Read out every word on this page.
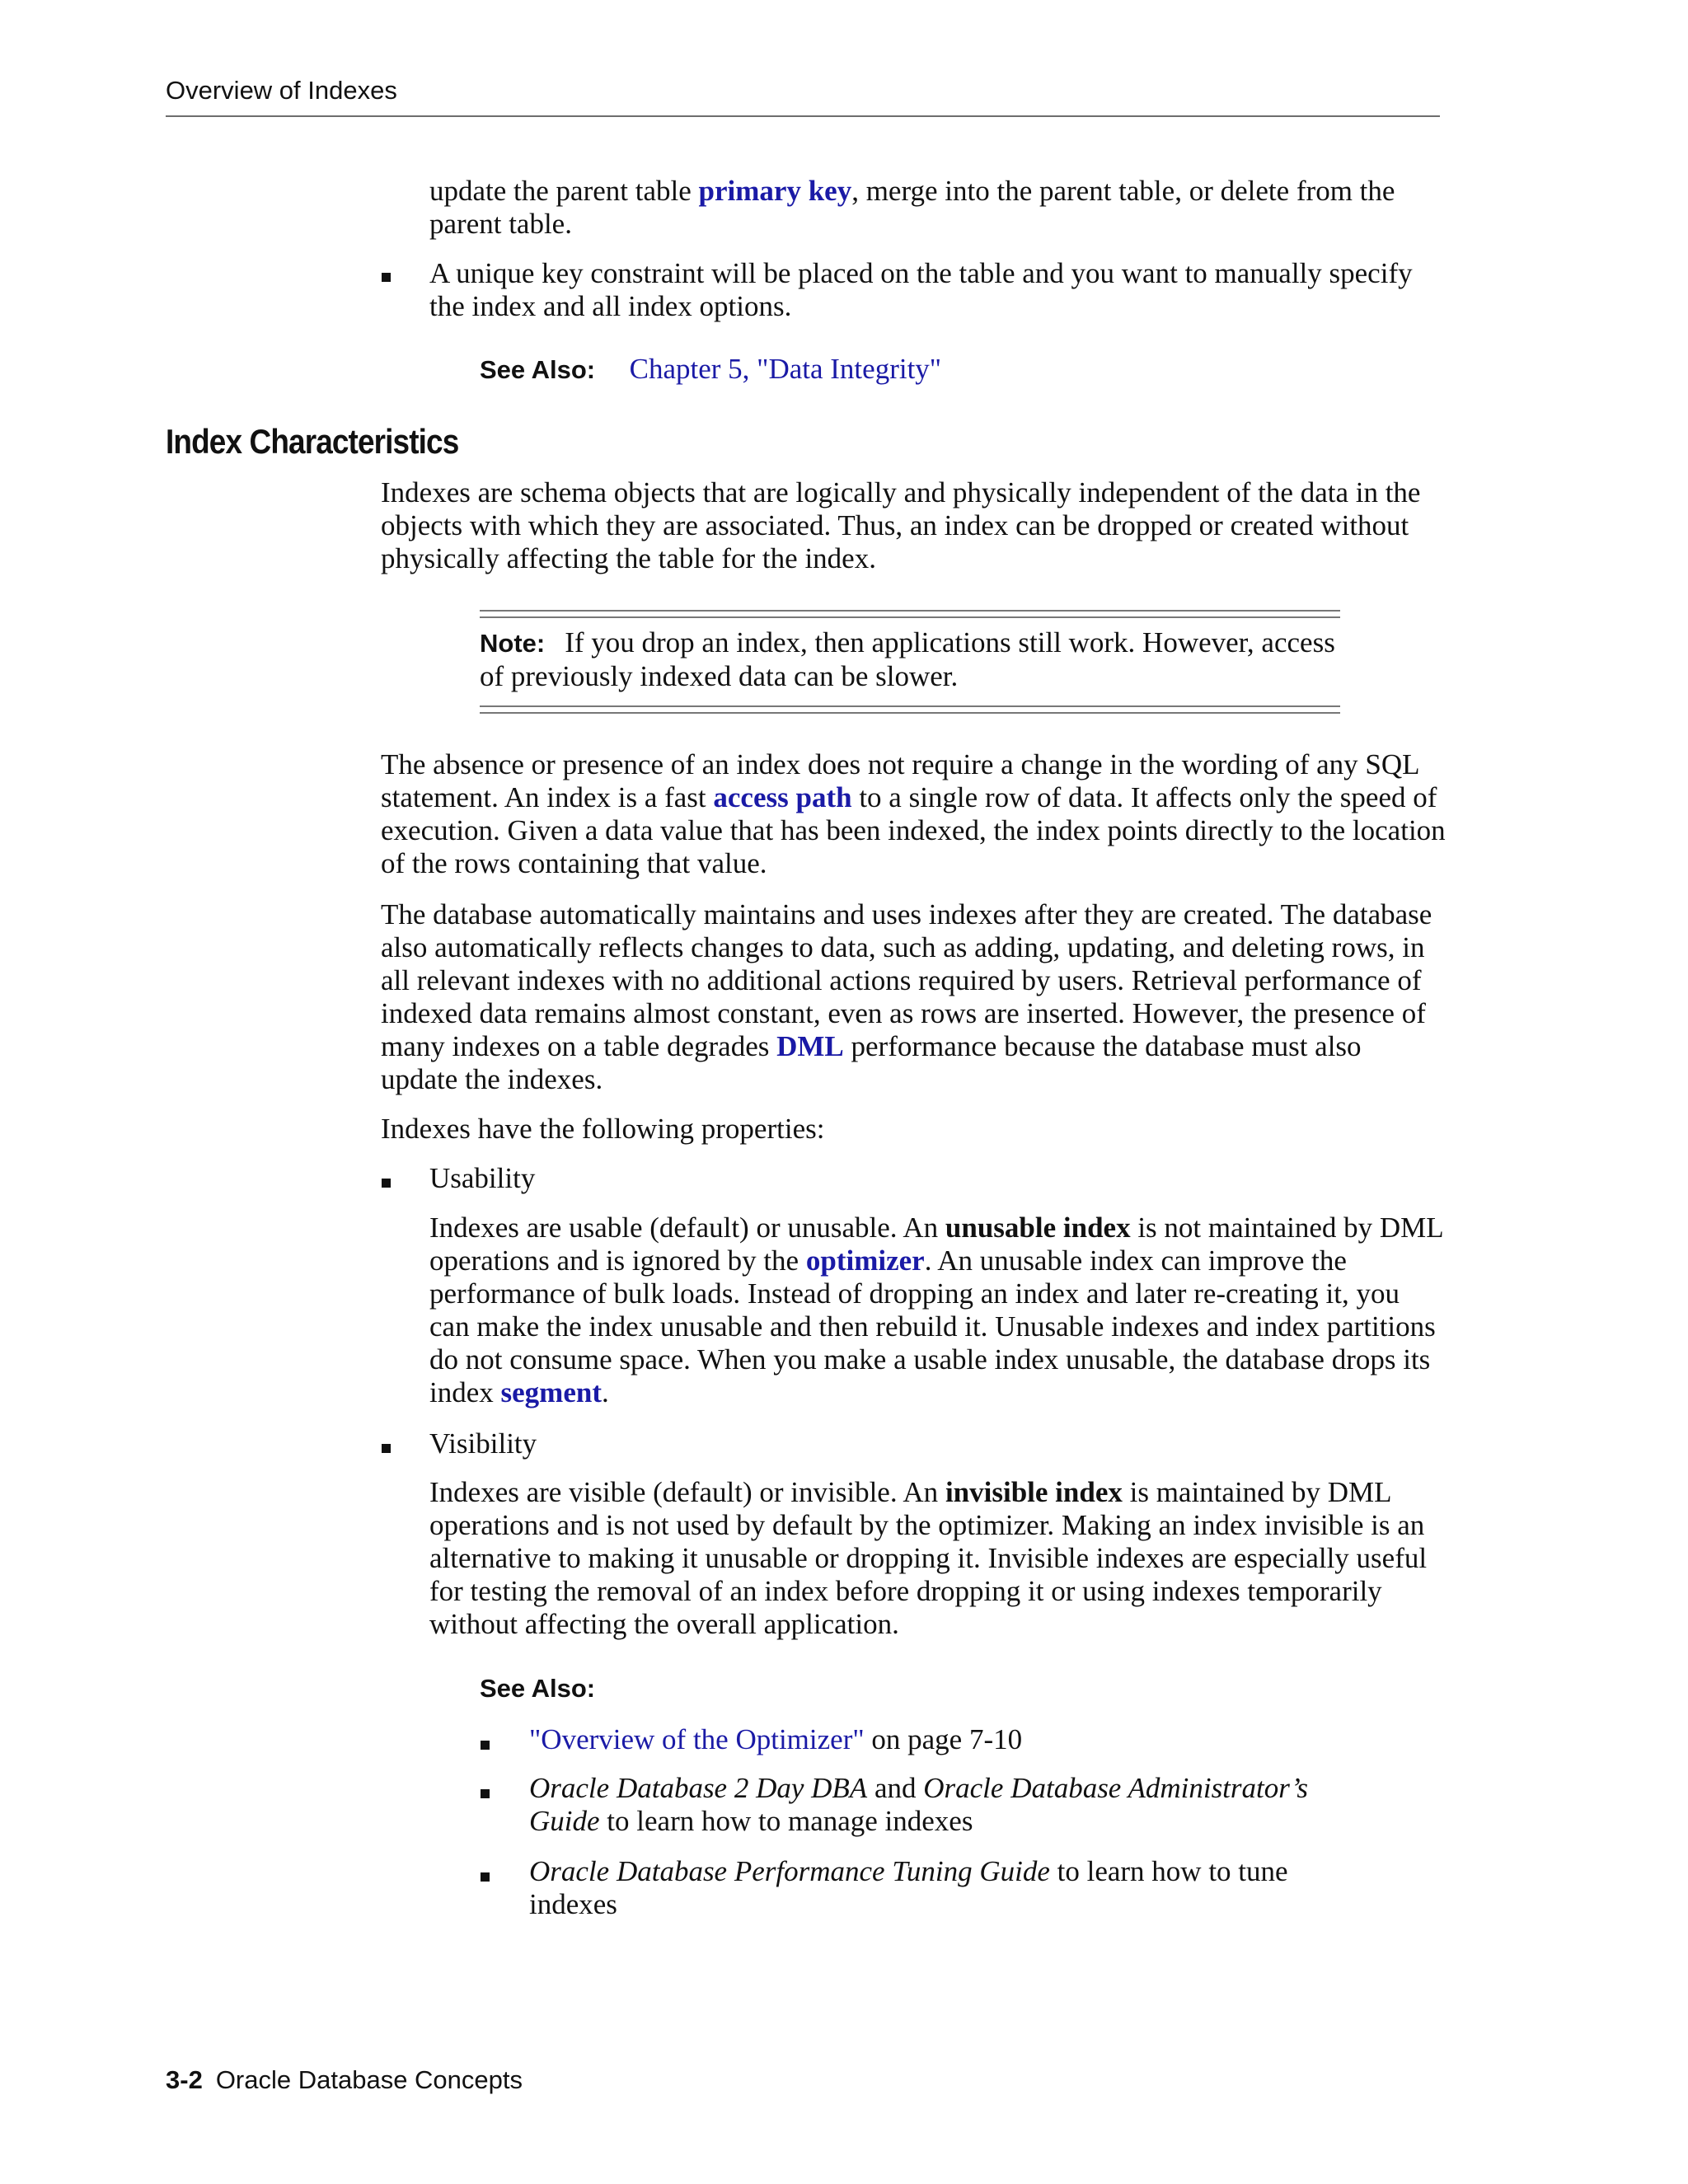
Overview of Indexes

update the parent table primary key, merge into the parent table, or delete from the parent table.

A unique key constraint will be placed on the table and you want to manually specify the index and all index options.

See Also: Chapter 5, "Data Integrity"
Index Characteristics

Indexes are schema objects that are logically and physically independent of the data in the objects with which they are associated. Thus, an index can be dropped or created without physically affecting the table for the index.

Note: If you drop an index, then applications still work. However, access of previously indexed data can be slower.

The absence or presence of an index does not require a change in the wording of any SQL statement. An index is a fast access path to a single row of data. It affects only the speed of execution. Given a data value that has been indexed, the index points directly to the location of the rows containing that value.

The database automatically maintains and uses indexes after they are created. The database also automatically reflects changes to data, such as adding, updating, and deleting rows, in all relevant indexes with no additional actions required by users. Retrieval performance of indexed data remains almost constant, even as rows are inserted. However, the presence of many indexes on a table degrades DML performance because the database must also update the indexes.

Indexes have the following properties:

Usability

Indexes are usable (default) or unusable. An unusable index is not maintained by DML operations and is ignored by the optimizer. An unusable index can improve the performance of bulk loads. Instead of dropping an index and later re-creating it, you can make the index unusable and then rebuild it. Unusable indexes and index partitions do not consume space. When you make a usable index unusable, the database drops its index segment.

Visibility

Indexes are visible (default) or invisible. An invisible index is maintained by DML operations and is not used by default by the optimizer. Making an index invisible is an alternative to making it unusable or dropping it. Invisible indexes are especially useful for testing the removal of an index before dropping it or using indexes temporarily without affecting the overall application.

See Also:

"Overview of the Optimizer" on page 7-10

Oracle Database 2 Day DBA and Oracle Database Administrator’s Guide to learn how to manage indexes

Oracle Database Performance Tuning Guide to learn how to tune indexes

3-2 Oracle Database Concepts
